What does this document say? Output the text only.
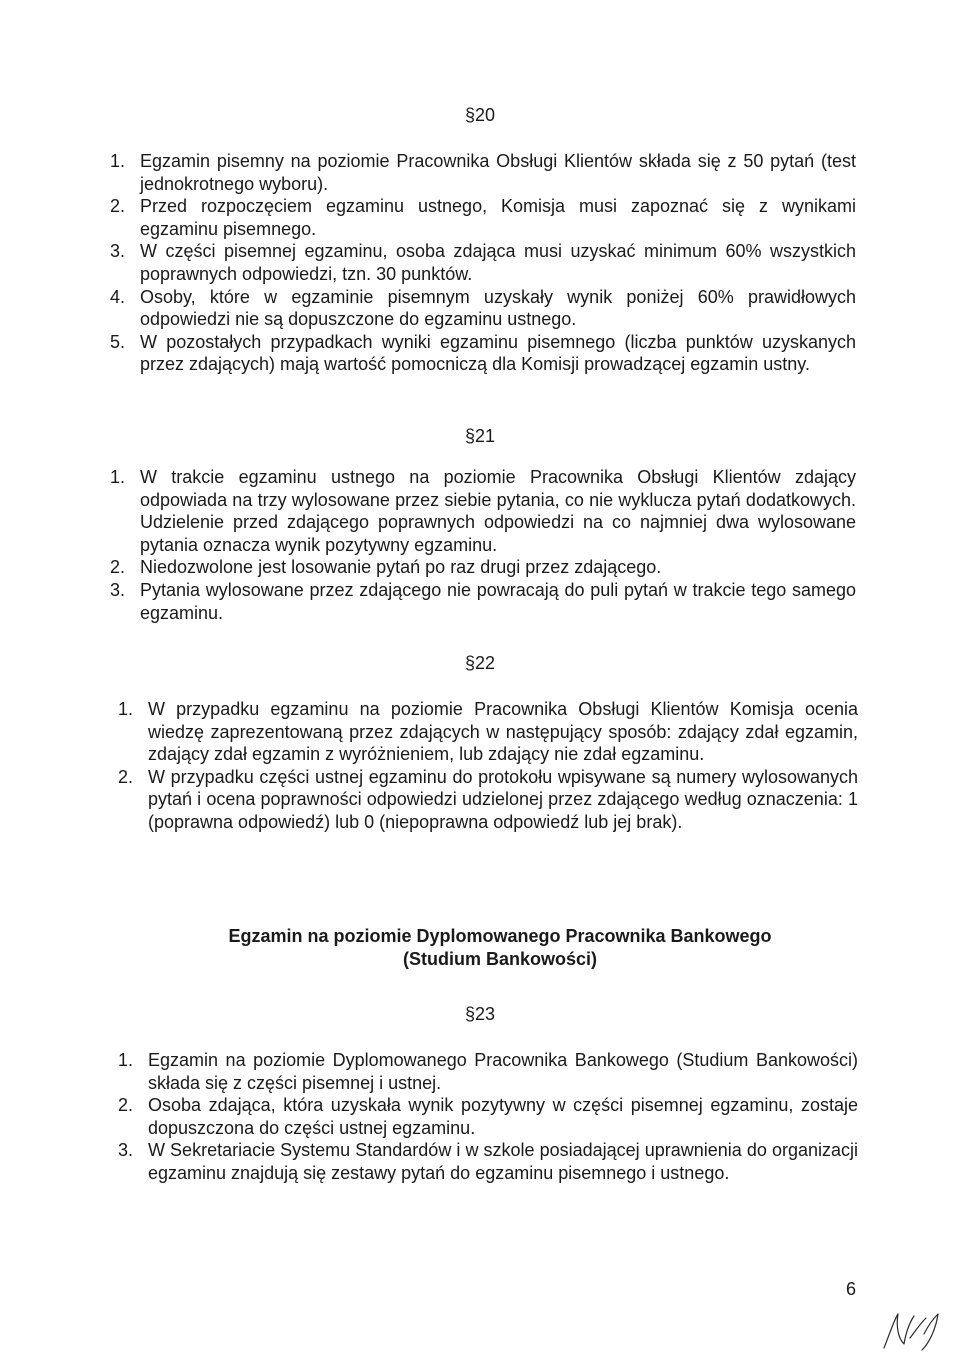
§20
1. Egzamin pisemny na poziomie Pracownika Obsługi Klientów składa się z 50 pytań (test jednokrotnego wyboru).
2. Przed rozpoczęciem egzaminu ustnego, Komisja musi zapoznać się z wynikami egzaminu pisemnego.
3. W części pisemnej egzaminu, osoba zdająca musi uzyskać minimum 60% wszystkich poprawnych odpowiedzi, tzn. 30 punktów.
4. Osoby, które w egzaminie pisemnym uzyskały wynik poniżej 60% prawidłowych odpowiedzi nie są dopuszczone do egzaminu ustnego.
5. W pozostałych przypadkach wyniki egzaminu pisemnego (liczba punktów uzyskanych przez zdających) mają wartość pomocniczą dla Komisji prowadzącej egzamin ustny.
§21
1. W trakcie egzaminu ustnego na poziomie Pracownika Obsługi Klientów zdający odpowiada na trzy wylosowane przez siebie pytania, co nie wyklucza pytań dodatkowych. Udzielenie przed zdającego poprawnych odpowiedzi na co najmniej dwa wylosowane pytania oznacza wynik pozytywny egzaminu.
2. Niedozwolone jest losowanie pytań po raz drugi przez zdającego.
3. Pytania wylosowane przez zdającego nie powracają do puli pytań w trakcie tego samego egzaminu.
§22
1. W przypadku egzaminu na poziomie Pracownika Obsługi Klientów Komisja ocenia wiedzę zaprezentowaną przez zdających w następujący sposób: zdający zdał egzamin, zdający zdał egzamin z wyróżnieniem, lub zdający nie zdał egzaminu.
2. W przypadku części ustnej egzaminu do protokołu wpisywane są numery wylosowanych pytań i ocena poprawności odpowiedzi udzielonej przez zdającego według oznaczenia: 1 (poprawna odpowiedź) lub 0 (niepoprawna odpowiedź lub jej brak).

Egzamin na poziomie Dyplomowanego Pracownika Bankowego

(Studium Bankowości)

§23
1. Egzamin na poziomie Dyplomowanego Pracownika Bankowego (Studium Bankowości) składa się z części pisemnej i ustnej.
2. Osoba zdająca, która uzyskała wynik pozytywny w części pisemnej egzaminu, zostaje dopuszczona do części ustnej egzaminu.
3. W Sekretariacie Systemu Standardów i w szkole posiadającej uprawnienia do organizacji egzaminu znajdują się zestawy pytań do egzaminu pisemnego i ustnego.
6
